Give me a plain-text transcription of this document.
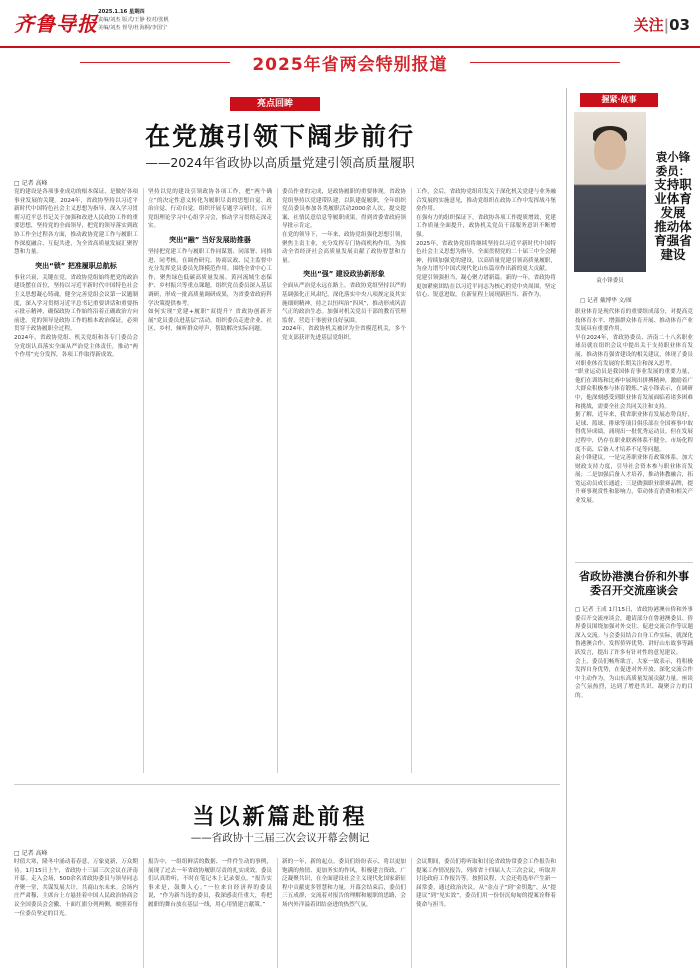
齐鲁导报 2025.1.16 星期四
责编/刘杰 版式/王静 校对/张帆
美编/刘杰 督导/杜海桐/李国宁	关注|03
2025年省两会特别报道
亮点回眸
在党旗引领下阔步前行
——2024年省政协以高质量党建引领高质量履职
□ 记者 高峰

党的建设是各项事业成功的根本保证，是做好各项事业发展的关键。2024年，省政协坚持以习近平新时代中国特色社会主义思想为指导，深入学习贯彻习近平总书记关于加强和改进人民政协工作的重要思想，坚持党的全面领导，把党的领导落实到政协工作全过程各方面，推动政协党建工作与履职工作深度融合、互促共进，为全省高质量发展汇聚智慧和力量。

突出“锁” 把准履职总航标

事业兴衰，关键在党。省政协党组始终把党的政治建设摆在首位，坚持以习近平新时代中国特色社会主义思想凝心铸魂，健全完善党组会议第一议题制度，深入学习贯彻习近平总书记重要讲话和重要指示批示精神，确保政协工作始终沿着正确政治方向前进。党的领导是政协工作的根本政治保证，必须贯穿于政协履职全过程。

2024年，省政协党组、机关党组和各专门委员会分党组认真落实全面从严治党主体责任，推动“两个作用”充分发挥，各项工作取得新成效。

坚持以党的建设引领政协各项工作，把“两个确立”的决定性意义转化为履职尽责的思想自觉、政治自觉、行动自觉。组织开展专题学习研讨，召开党组理论学习中心组学习会，推动学习贯彻走深走实。

突出“融” 当好发展助推器

坚持把党建工作与履职工作同谋划、同部署、同推进、同考核，在调查研究、协商议政、民主监督中充分发挥党员委员先锋模范作用。围绕全省中心工作，聚焦绿色低碳高质量发展、黄河流域生态保护、乡村振兴等重点课题，组织党员委员深入基层调研，形成一批高质量调研成果，为省委省政府科学决策提供参考。

如何实现“党建+履职”双提升？省政协创新开展“党员委员进基层”活动，组织委员走进企业、社区、乡村，倾听群众呼声，帮助解决实际问题。

委员作业的完成，是政协履职的重要体现。省政协党组坚持以党建带队建，以队建促履职，全年组织党员委员参加各类履职活动2000余人次，提交提案、社情民意信息等履职成果，得到省委省政府领导批示肯定。

在党的领导下，一年来，政协党组强化思想引领，聚焦主责主业，充分发挥专门协商机构作用，为推动全省经济社会高质量发展贡献了政协智慧和力量。

突出“强” 建设政协新形象

全面从严治党永远在路上。省政协党组坚持以严的基调强化正风肃纪，深化落实中央八项规定及其实施细则精神，持之以恒纠治“四风”，推动形成风清气正的政治生态。加强对机关党员干部的教育管理监督，营造干事创业良好氛围。

2024年，省政协机关被评为全省模范机关，多个党支部获评先进基层党组织。

工作，会后，省政协党组印发关于深化机关党建与业务融合发展的实施意见，推动党组织在政协工作中发挥战斗堡垒作用。

在强有力的组织保证下，省政协各项工作提质增效，党建工作质量全面提升，政协机关党员干部服务意识不断增强。

2025年，省政协党组将继续坚持以习近平新时代中国特色社会主义思想为指导，全面贯彻党的二十届三中全会精神，持续加强党的建设，以高质量党建引领高质量履职，为奋力谱写中国式现代化山东篇章作出新的更大贡献。

党建引领强担当，凝心聚力谱新篇。新的一年，省政协将更加紧密团结在以习近平同志为核心的党中央周围，坚定信心、锐意进取，在新征程上展现新担当、新作为。

当以新篇赴前程
——省政协十三届三次会议开幕会侧记
□ 记者 高峰

时值大寒，隆冬中涌动着春意，万象更新，万众期待。1月15日上午，省政协十三届三次会议在济南开幕。走入会场，500余名省政协委员与领导同志齐聚一堂，共谋发展大计，共商山东未来。会场内庄严肃穆，主席台上方悬挂着中国人民政治协商会议全国委员会会徽，十面红旗分列两侧，映照着每一位委员坚定的目光。

报告中，一组组鲜活的数据、一件件生动的事例，展现了过去一年省政协履职尽责的扎实成效。委员们认真聆听，不时在笔记本上记录要点。“报告实事求是，鼓舞人心。”一位来自经济界的委员说，“作为新当选的委员，我深感责任重大，将把履职的舞台放在基层一线，用心用情建言献策。”

新的一年，新的起点。委员们纷纷表示，将以更加饱满的热情、更加务实的作风，积极建言资政、广泛凝聚共识，在全面建设社会主义现代化国家新征程中贡献更多智慧和力量。开幕会结束后，委员们三五成群，交流着对报告的理解和履职的思路，会场内外洋溢着团结奋进的热烈气氛。

会议期间，委员们将听取和讨论省政协常委会工作报告和提案工作情况报告，列席省十四届人大三次会议，听取并讨论政府工作报告等。按照议程，大会还将选举产生新一届常委，通过政治决议。从“金点子”到“金钥匙”，从“提建议”到“见实效”，委员们用一份份沉甸甸的提案诠释着使命与担当。

握紧·故事
袁小锋委员
袁小锋委员：
支持职业体育发展 推动体育强省建设
□ 记者 戴博华 文/图

职业体育是现代体育的重要组成部分，对提高竞技体育水平、增强群众体育开展、推动体育产业发展具有重要作用。

早在2024年，省政协委员、济南二十八名职业球员就在组织会议中提出关于支持职业体育发展、推动体育强省建设的相关建议，体现了委员对职业体育发展的长期关注和深入思考。

“职业运动员是我国体育事业发展的重要力量，他们在训练和比赛中展现出拼搏精神，激励着广大群众积极参与体育锻炼。”袁小锋表示，在调研中，他深刻感受到职业体育发展面临着诸多困难和挑战，需要全社会共同关注和支持。

据了解，近年来，我省职业体育发展态势良好，足球、篮球、排球等项目俱乐部在全国赛事中取得优异成绩，涌现出一批优秀运动员。但在发展过程中，仍存在职业联赛体系不健全、市场化程度不高、后备人才培养不足等问题。

袁小锋建议，一是完善职业体育政策体系，加大财政支持力度，引导社会资本参与职业体育发展；二是加强后备人才培养，推动体教融合，拓宽运动员成长通道；三是做强职业联赛品牌，提升赛事观赏性和影响力，带动体育消费和相关产业发展。

省政协港澳台侨和外事委召开交流座谈会

□ 记者 王成 1月15日，省政协港澳台侨和外事委召开交流座谈会，邀请部分在鲁港澳委员、侨界委员围绕加强对外交往、促进交流合作等议题深入交流。与会委员结合自身工作实际，就深化鲁港澳合作、发挥侨界优势、讲好山东故事等踊跃发言，提出了许多有针对性的意见建议。

会上，委员们畅所欲言，大家一致表示，将积极发挥自身优势，在促进对外开放、深化交流合作中主动作为，为山东高质量发展贡献力量。座谈会气氛热烈，达到了增进共识、凝聚合力的目的。
